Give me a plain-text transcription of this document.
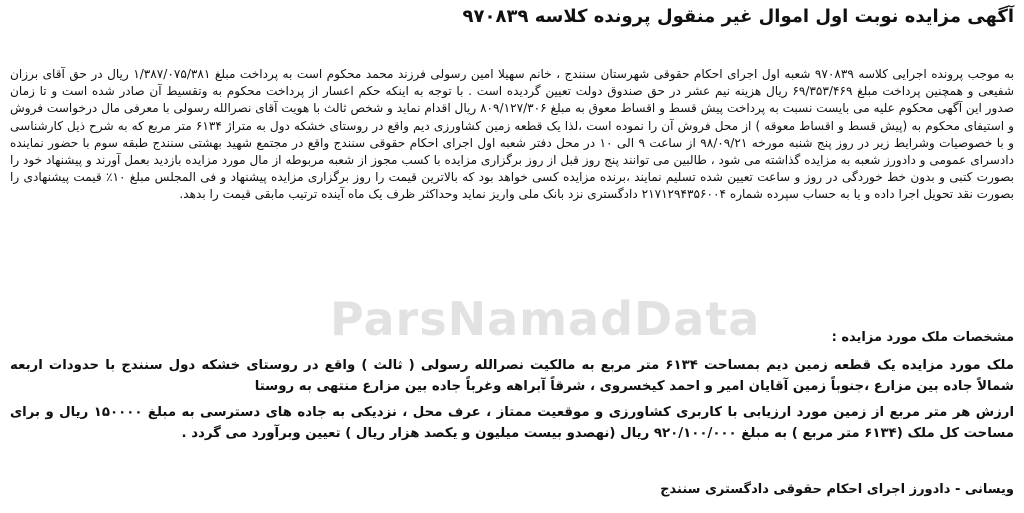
آگهی مزایده نوبت اول اموال غیر منقول پرونده کلاسه ۹۷۰۸۳۹
به موجب پرونده اجرایی کلاسه ۹۷۰۸۳۹ شعبه اول اجرای احکام حقوقی شهرستان سنندج ، خانم سهیلا امین رسولی فرزند محمد محکوم است به پرداخت مبلغ ۱/۳۸۷/۰۷۵/۳۸۱ ریال در حق آقای برزان شفیعی و همچنین پرداخت مبلغ ۶۹/۳۵۳/۴۶۹ ریال هزینه نیم عشر در حق صندوق دولت تعیین گردیده است . با توجه به اینکه حکم اعسار از پرداخت محکوم به وتقسیط آن صادر شده است و تا زمان صدور این آگهی محکوم علیه می بایست نسبت به پرداخت پیش قسط و اقساط معوق به مبلغ ۸۰۹/۱۲۷/۳۰۶ ریال اقدام نماید و شخص ثالث با هویت آقای نصرالله رسولی با معرفی مال درخواست فروش و استیفای محکوم به (پیش قسط و اقساط معوقه ) از محل فروش آن را نموده است ،لذا یک قطعه زمین کشاورزی دیم واقع در روستای خشکه دول به متراژ ۶۱۳۴ متر مربع که به شرح ذیل کارشناسی و با خصوصیات وشرایط زیر در روز پنج شنبه مورخه ۹۸/۰۹/۲۱ از ساعت ۹ الی ۱۰ در محل دفتر شعبه اول اجرای احکام حقوقی سنندج واقع در مجتمع شهید بهشتی سنندج طبقه سوم با حضور نماینده دادسرای عمومی و دادورز شعبه به مزایده گذاشته می شود ، طالبین می توانند پنج روز قبل از روز برگزاری مزایده با کسب مجوز از شعبه مربوطه از مال مورد مزایده بازدید بعمل آورند و پیشنهاد خود را بصورت کتبی و بدون خط خوردگی در روز و ساعت تعیین شده تسلیم نمایند ،برنده مزایده کسی خواهد بود که بالاترین قیمت را روز برگزاری مزایده پیشنهاد و فی المجلس مبلغ ۱۰٪ قیمت پیشنهادی را بصورت نقد تحویل اجرا داده و یا به حساب سپرده شماره ۲۱۷۱۲۹۴۳۵۶۰۰۴ دادگستری نزد بانک ملی واریز نماید وحداکثر ظرف یک ماه آینده ترتیب مابقی قیمت را بدهد.
مشخصات ملک مورد مزایده :
ملک مورد مزایده یک قطعه زمین دیم بمساحت ۶۱۳۴ متر مربع به مالکیت نصرالله رسولی ( ثالث ) واقع در روستای خشکه دول سنندج با حدودات اربعه شمالاً جاده بین مزارع ،جنوباً زمین آقایان امیر و احمد کیخسروی ، شرقاً آبراهه وغرباً جاده بین مزارع منتهی به روستا
ارزش هر متر مربع از زمین مورد ارزیابی با کاربری کشاورزی و موقعیت ممتاز ، عرف محل ، نزدیکی به جاده های دسترسی به مبلغ ۱۵۰۰۰۰ ریال و برای مساحت کل ملک (۶۱۳۴ متر مربع ) به مبلغ ۹۲۰/۱۰۰/۰۰۰ ریال (نهصدو بیست میلیون و یکصد هزار ریال ) تعیین وبرآورد می گردد .
ویسانی - دادورز اجرای احکام حقوقی دادگستری سنندج
ParsNamadData
